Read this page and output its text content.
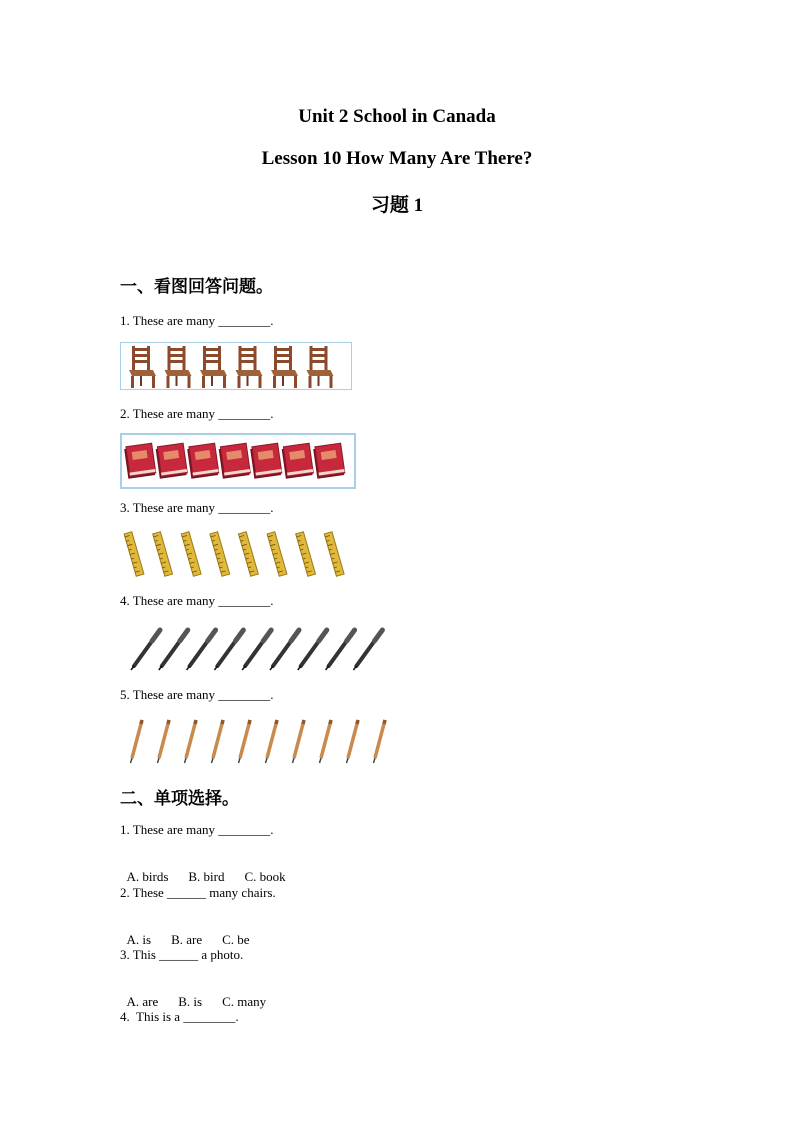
Unit 2 School in Canada
Lesson 10 How Many Are There?
习题 1
一、看图回答问题。
1. These are many ________.
2. These are many ________.
3. These are many ________.
4. These are many ________.
5. These are many ________.
二、单项选择。
1. These are many ________.

A. birds B. bird C. book

2. These ______ many chairs.

A. is B. are C. be

3. This ______ a photo.

A. are B. is C. many

4.  This is a ________.
